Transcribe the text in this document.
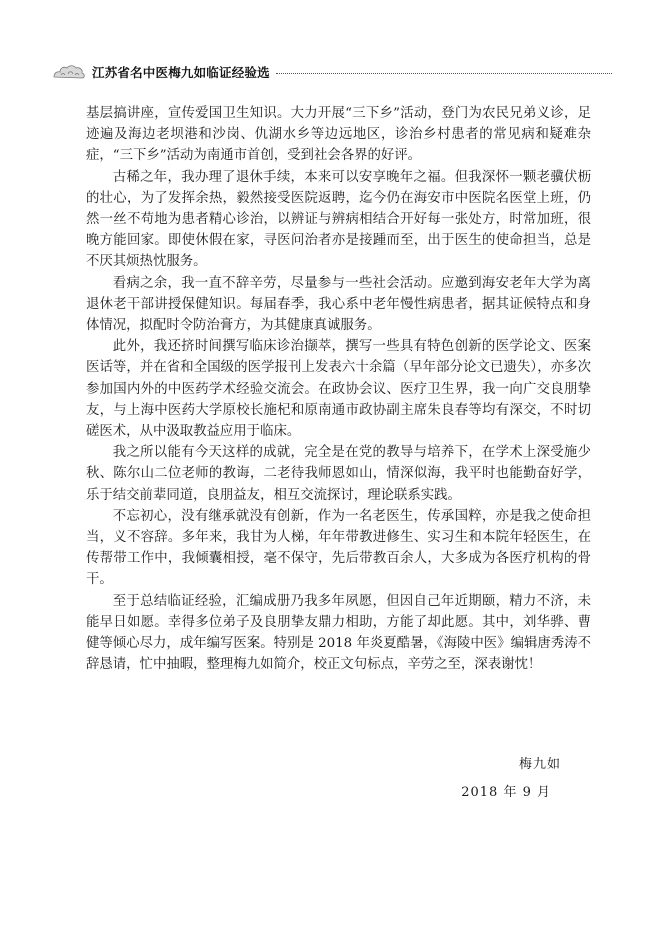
江苏省名中医梅九如临证经验选

基层搞讲座，宣传爱国卫生知识。大力开展“三下乡”活动，登门为农民兄弟义诊，足迹遍及海边老坝港和沙岗、仇湖水乡等边远地区，诊治乡村患者的常见病和疑难杂症，“三下乡”活动为南通市首创，受到社会各界的好评。

古稀之年，我办理了退休手续，本来可以安享晚年之福。但我深怀一颗老骥伏枥的壮心，为了发挥余热，毅然接受医院返聘，迄今仍在海安市中医院名医堂上班，仍然一丝不苟地为患者精心诊治，以辨证与辨病相结合开好每一张处方，时常加班，很晚方能回家。即使休假在家，寻医问治者亦是接踵而至，出于医生的使命担当，总是不厌其烦热忱服务。

看病之余，我一直不辞辛劳，尽量参与一些社会活动。应邀到海安老年大学为离退休老干部讲授保健知识。每届春季，我心系中老年慢性病患者，据其证候特点和身体情况，拟配时令防治膏方，为其健康真诚服务。

此外，我还挤时间撰写临床诊治撷萃，撰写一些具有特色创新的医学论文、医案医话等，并在省和全国级的医学报刊上发表六十余篇（早年部分论文已遗失），亦多次参加国内外的中医药学术经验交流会。在政协会议、医疗卫生界，我一向广交良朋挚友，与上海中医药大学原校长施杞和原南通市政协副主席朱良春等均有深交，不时切磋医术，从中汲取教益应用于临床。

我之所以能有今天这样的成就，完全是在党的教导与培养下，在学术上深受施少秋、陈尔山二位老师的教诲，二老待我师恩如山，情深似海，我平时也能勤奋好学，乐于结交前辈同道，良朋益友，相互交流探讨，理论联系实践。

不忘初心，没有继承就没有创新，作为一名老医生，传承国粹，亦是我之使命担当，义不容辞。多年来，我甘为人梯，年年带教进修生、实习生和本院年轻医生，在传帮带工作中，我倾囊相授，毫不保守，先后带教百余人，大多成为各医疗机构的骨干。

至于总结临证经验，汇编成册乃我多年夙愿，但因自己年近期颐，精力不济，未能早日如愿。幸得多位弟子及良朋挚友鼎力相助，方能了却此愿。其中，刘华骅、曹健等倾心尽力，成年编写医案。特别是 2018 年炎夏酷暑，《海陵中医》编辑唐秀涛不辞恳请，忙中抽暇，整理梅九如简介，校正文句标点，辛劳之至，深表谢忱！

梅九如
2018 年 9 月
